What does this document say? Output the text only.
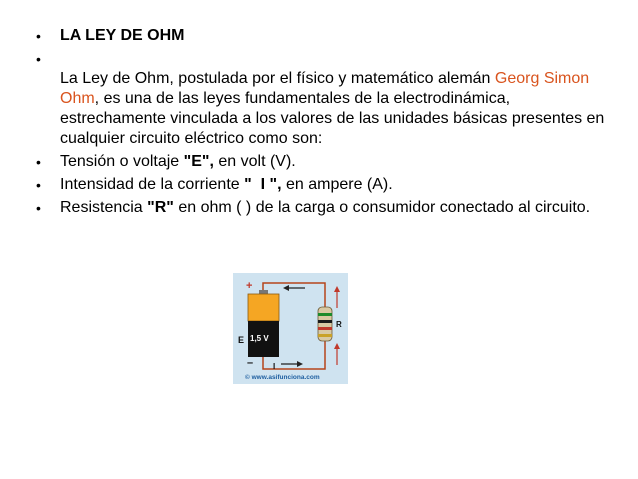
•	LA LEY DE OHM
•
La Ley de Ohm, postulada por el físico y matemático alemán Georg Simon Ohm, es una de las leyes fundamentales de la electrodinámica, estrechamente vinculada a los valores de las unidades básicas presentes en cualquier circuito eléctrico como son:
•	Tensión o voltaje "E", en volt (V).
•	Intensidad de la corriente "  I ", en ampere (A).
•	Resistencia "R" en ohm ( ) de la carga o consumidor conectado al circuito.
+
E 1,5 V
–
R
I
© www.asifunciona.com
